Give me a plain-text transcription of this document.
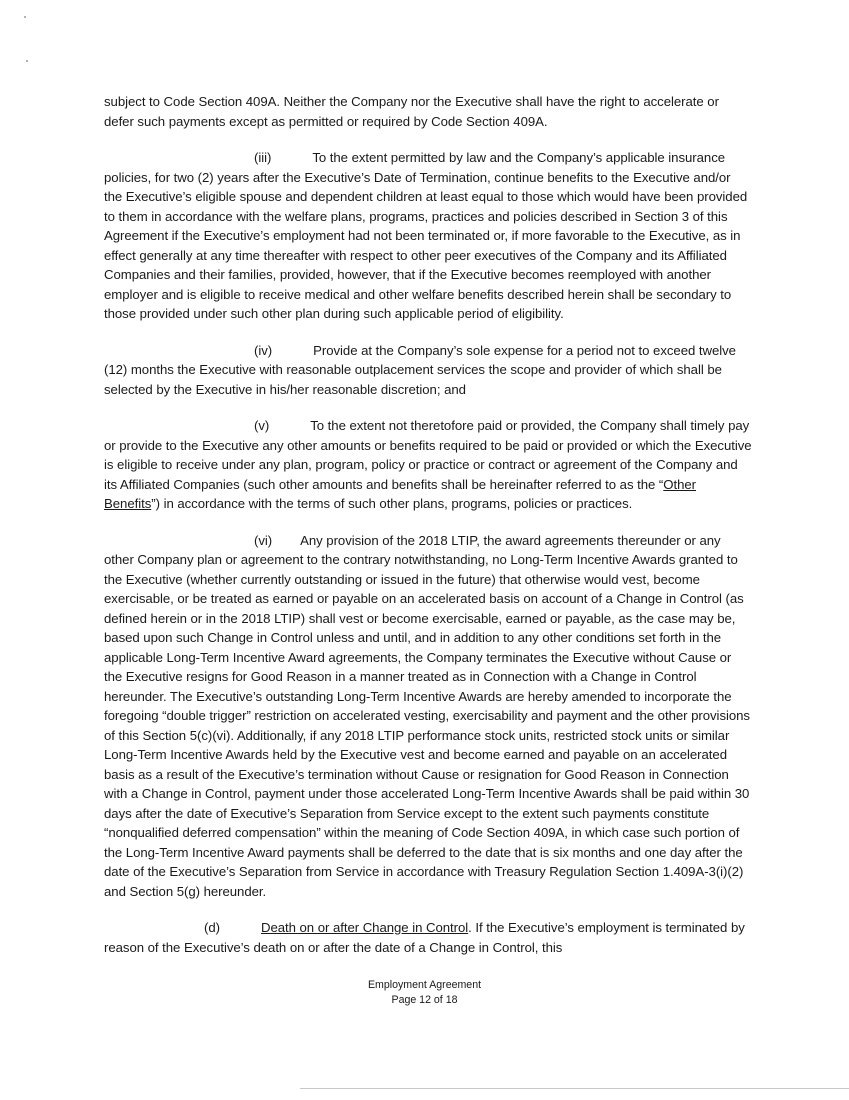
subject to Code Section 409A. Neither the Company nor the Executive shall have the right to accelerate or defer such payments except as permitted or required by Code Section 409A.

(iii)	To the extent permitted by law and the Company’s applicable insurance policies, for two (2) years after the Executive’s Date of Termination, continue benefits to the Executive and/or the Executive’s eligible spouse and dependent children at least equal to those which would have been provided to them in accordance with the welfare plans, programs, practices and policies described in Section 3 of this Agreement if the Executive’s employment had not been terminated or, if more favorable to the Executive, as in effect generally at any time thereafter with respect to other peer executives of the Company and its Affiliated Companies and their families, provided, however, that if the Executive becomes reemployed with another employer and is eligible to receive medical and other welfare benefits described herein shall be secondary to those provided under such other plan during such applicable period of eligibility.

(iv)	Provide at the Company’s sole expense for a period not to exceed twelve (12) months the Executive with reasonable outplacement services the scope and provider of which shall be selected by the Executive in his/her reasonable discretion; and

(v)	To the extent not theretofore paid or provided, the Company shall timely pay or provide to the Executive any other amounts or benefits required to be paid or provided or which the Executive is eligible to receive under any plan, program, policy or practice or contract or agreement of the Company and its Affiliated Companies (such other amounts and benefits shall be hereinafter referred to as the “Other Benefits”) in accordance with the terms of such other plans, programs, policies or practices.

(vi) Any provision of the 2018 LTIP, the award agreements thereunder or any other Company plan or agreement to the contrary notwithstanding, no Long-Term Incentive Awards granted to the Executive (whether currently outstanding or issued in the future) that otherwise would vest, become exercisable, or be treated as earned or payable on an accelerated basis on account of a Change in Control (as defined herein or in the 2018 LTIP) shall vest or become exercisable, earned or payable, as the case may be, based upon such Change in Control unless and until, and in addition to any other conditions set forth in the applicable Long-Term Incentive Award agreements, the Company terminates the Executive without Cause or the Executive resigns for Good Reason in a manner treated as in Connection with a Change in Control hereunder. The Executive’s outstanding Long-Term Incentive Awards are hereby amended to incorporate the foregoing “double trigger” restriction on accelerated vesting, exercisability and payment and the other provisions of this Section 5(c)(vi). Additionally, if any 2018 LTIP performance stock units, restricted stock units or similar Long-Term Incentive Awards held by the Executive vest and become earned and payable on an accelerated basis as a result of the Executive’s termination without Cause or resignation for Good Reason in Connection with a Change in Control, payment under those accelerated Long-Term Incentive Awards shall be paid within 30 days after the date of Executive’s Separation from Service except to the extent such payments constitute “nonqualified deferred compensation” within the meaning of Code Section 409A, in which case such portion of the Long-Term Incentive Award payments shall be deferred to the date that is six months and one day after the date of the Executive’s Separation from Service in accordance with Treasury Regulation Section 1.409A-3(i)(2) and Section 5(g) hereunder.

(d)	Death on or after Change in Control. If the Executive’s employment is terminated by reason of the Executive’s death on or after the date of a Change in Control, this

Employment Agreement
Page 12 of 18
